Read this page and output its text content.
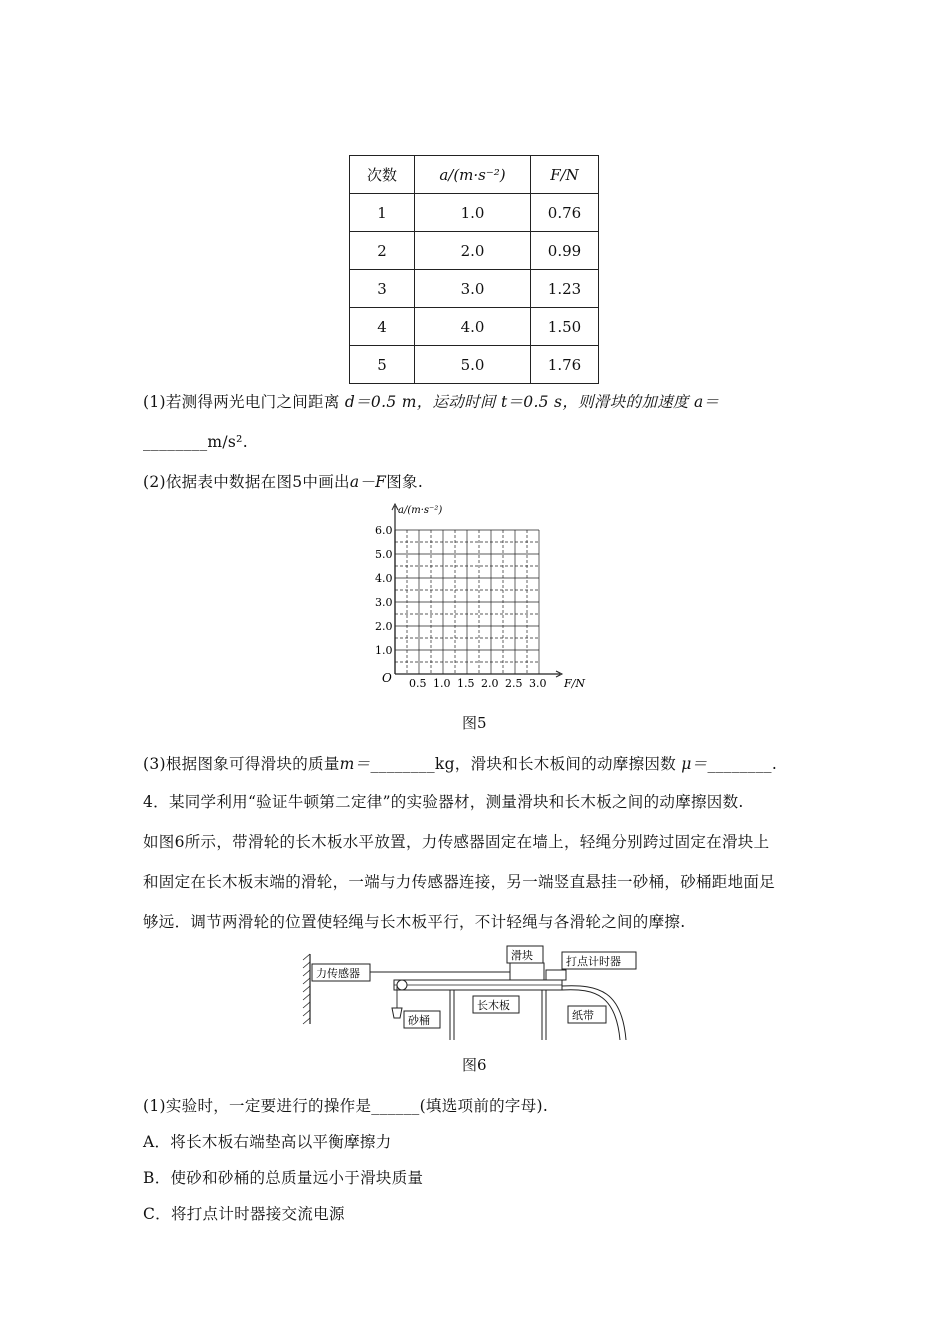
次数	a/(m·s⁻²)	F/N
1	1.0	0.76
2	2.0	0.99
3	3.0	1.23
4	4.0	1.50
5	5.0	1.76
(1)若测得两光电门之间距离 d＝0.5 m，运动时间 t＝0.5 s，则滑块的加速度 a＝
________m/s².
(2)依据表中数据在图5中画出a－F图象.
a/(m·s⁻²)
F/N
O
1.0
2.0
3.0
4.0
5.0
6.0
0.5 1.0 1.5 2.0 2.5 3.0
图5
(3)根据图象可得滑块的质量m＝________kg，滑块和长木板间的动摩擦因数 μ＝________.
4．某同学利用“验证牛顿第二定律”的实验器材，测量滑块和长木板之间的动摩擦因数.
如图6所示，带滑轮的长木板水平放置，力传感器固定在墙上，轻绳分别跨过固定在滑块上
和固定在长木板末端的滑轮，一端与力传感器连接，另一端竖直悬挂一砂桶，砂桶距地面足
够远．调节两滑轮的位置使轻绳与长木板平行，不计轻绳与各滑轮之间的摩擦.
力传感器
砂桶
长木板
滑块	打点计时器
纸带
图6
(1)实验时，一定要进行的操作是______(填选项前的字母).
A．将长木板右端垫高以平衡摩擦力
B．使砂和砂桶的总质量远小于滑块质量
C．将打点计时器接交流电源
